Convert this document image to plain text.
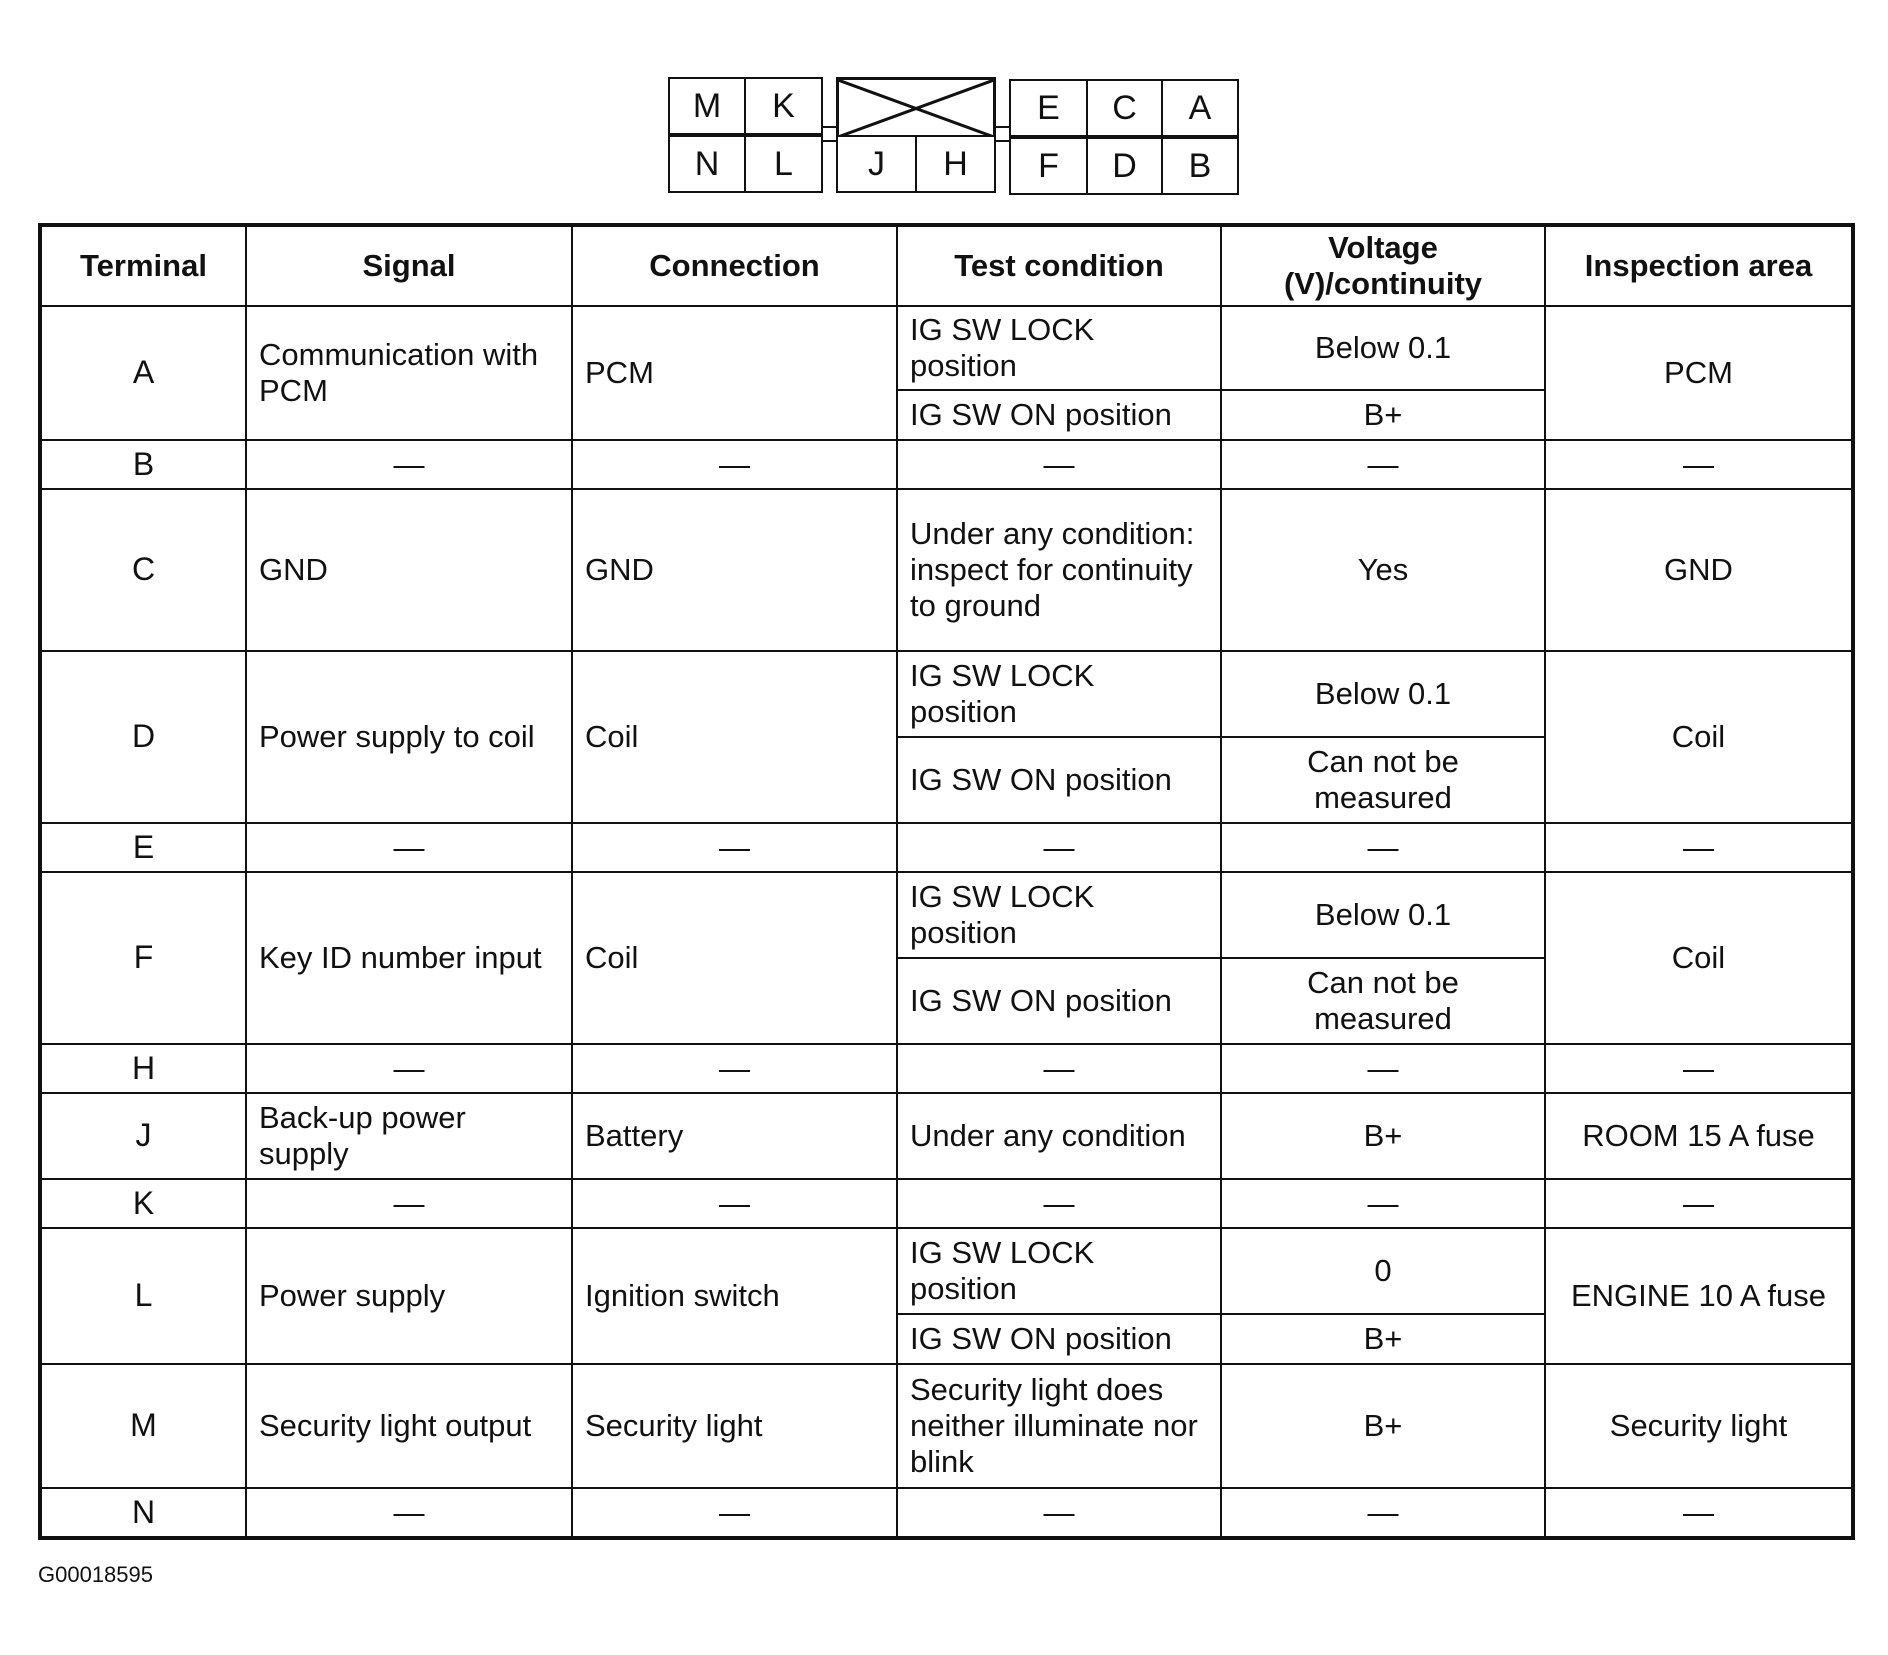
M	K
N	L	J	H
E	C	A
F	D	B
Terminal	Signal	Connection	Test condition	Voltage (V)/continuity	Inspection area
A	Communication with PCM	PCM	IG SW LOCK position	Below 0.1	PCM
			IG SW ON position	B+	
B	—	—	—	—	—
C	GND	GND	Under any condition: inspect for continuity to ground	Yes	GND
D	Power supply to coil	Coil	IG SW LOCK position	Below 0.1	Coil
			IG SW ON position	Can not be measured	
E	—	—	—	—	—
F	Key ID number input	Coil	IG SW LOCK position	Below 0.1	Coil
			IG SW ON position	Can not be measured	
H	—	—	—	—	—
J	Back-up power supply	Battery	Under any condition	B+	ROOM 15 A fuse
K	—	—	—	—	—
L	Power supply	Ignition switch	IG SW LOCK position	0	ENGINE 10 A fuse
			IG SW ON position	B+	
M	Security light output	Security light	Security light does neither illuminate nor blink	B+	Security light
N	—	—	—	—	—
G00018595
